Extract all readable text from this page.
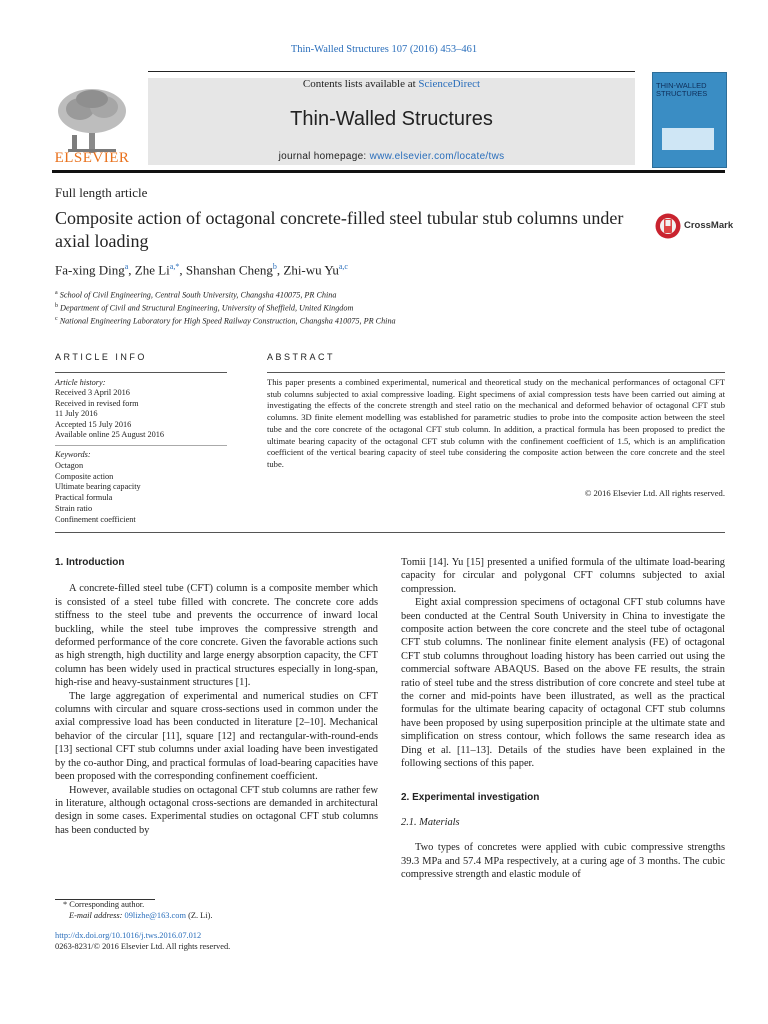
Thin-Walled Structures 107 (2016) 453–461
ELSEVIER
Contents lists available at ScienceDirect
Thin-Walled Structures
journal homepage: www.elsevier.com/locate/tws
THIN-WALLED STRUCTURES
Full length article
Composite action of octagonal concrete-filled steel tubular stub columns under axial loading
CrossMark
Fa-xing Ding$^a$, Zhe $Li^{a,*}$, Shanshan Cheng$^b$, Zhi-wu Yu$^{a,c}$
$^a$ School of Civil Engineering, Central South University, Changsha 410075, PR China
$^b$ Department of Civil and Structural Engineering, University of Sheffield, United Kingdom
$^c$ National Engineering Laboratory for High Speed Railway Construction, Changsha 410075, PR China
ARTICLE INFO	ABSTRACT
Article history:
Received 3 April 2016
Received in revised form
11 July 2016
Accepted 15 July 2016
Available online 25 August 2016
Keywords:
Octagon
Composite action
Ultimate bearing capacity
Practical formula
Strain ratio
Confinement coefficient
This paper presents a combined experimental, numerical and theoretical study on the mechanical performances of octagonal CFT stub columns subjected to axial compressive loading. Eight specimens of axial compression tests have been carried out aiming at investigating the effects of the concrete strength and steel ratio on the mechanical and deformed behavior of octagonal CFT stub columns. 3D finite element modelling was established for parametric studies to probe into the composite action between the steel tube and the core concrete of the octagonal CFT stub column. In addition, a practical formula has been proposed to predict the ultimate bearing capacity of the octagonal CFT stub column with the confinement coefficient of 1.5, which is an amplification coefficient of the vertical bearing capacity of steel tube considering the composite action between the core concrete and the steel tube.
© 2016 Elsevier Ltd. All rights reserved.
1. Introduction

A concrete-filled steel tube (CFT) column is a composite member which is consisted of a steel tube filled with concrete. The concrete core adds stiffness to the steel tube and prevents the occurrence of inward local buckling, while the steel tube improves the compressive strength and deformed performance of the core concrete. Given the favorable actions such as high strength, high ductility and large energy absorption capacity, the CFT column has been widely used in practical structures especially in long-span, high-rise and heavy-sustainment structures [1].

The large aggregation of experimental and numerical studies on CFT columns with circular and square cross-sections used in common under the axial compressive load has been conducted in literature [2–10]. Mechanical behavior of the circular [11], square [12] and rectangular-with-round-ends [13] sectional CFT stub columns under axial loading have been investigated by the co-author Ding, and practical formulas of load-bearing capacities have been proposed with the corresponding confinement coefficient.

However, available studies on octagonal CFT stub columns are rather few in literature, although octagonal cross-sections are demanded in architectural design in some cases. Experimental studies on octagonal CFT stub columns has been conducted by

Tomii [14]. Yu [15] presented a unified formula of the ultimate load-bearing capacity for circular and polygonal CFT columns subjected to axial compression.

Eight axial compression specimens of octagonal CFT stub columns have been conducted at the Central South University in China to investigate the composite action between the core concrete and the steel tube of octagonal CFT stub columns. The nonlinear finite element analysis (FE) of octagonal CFT stub columns throughout loading history has been carried out using the commercial software ABAQUS. Based on the above FE results, the strain ratio of steel tube and the stress distribution of core concrete and steel tube at the corner and mid-points have been illustrated, as well as the practical formulas for the ultimate bearing capacity of octagonal CFT stub columns have been proposed by using superposition principle at the ultimate state and simplification on stress contour, which follows the same research idea as Ding et al. [11–13]. Details of the studies have been explained in the following sections of this paper.

2. Experimental investigation
2.1. Materials

Two types of concretes were applied with cubic compressive strengths 39.3 MPa and 57.4 MPa respectively, at a curing age of 3 months. The cubic compressive strength and elastic module of

* Corresponding author.
E-mail address: 09lizhe@163.com (Z. Li).
http://dx.doi.org/10.1016/j.tws.2016.07.012
0263-8231/© 2016 Elsevier Ltd. All rights reserved.
